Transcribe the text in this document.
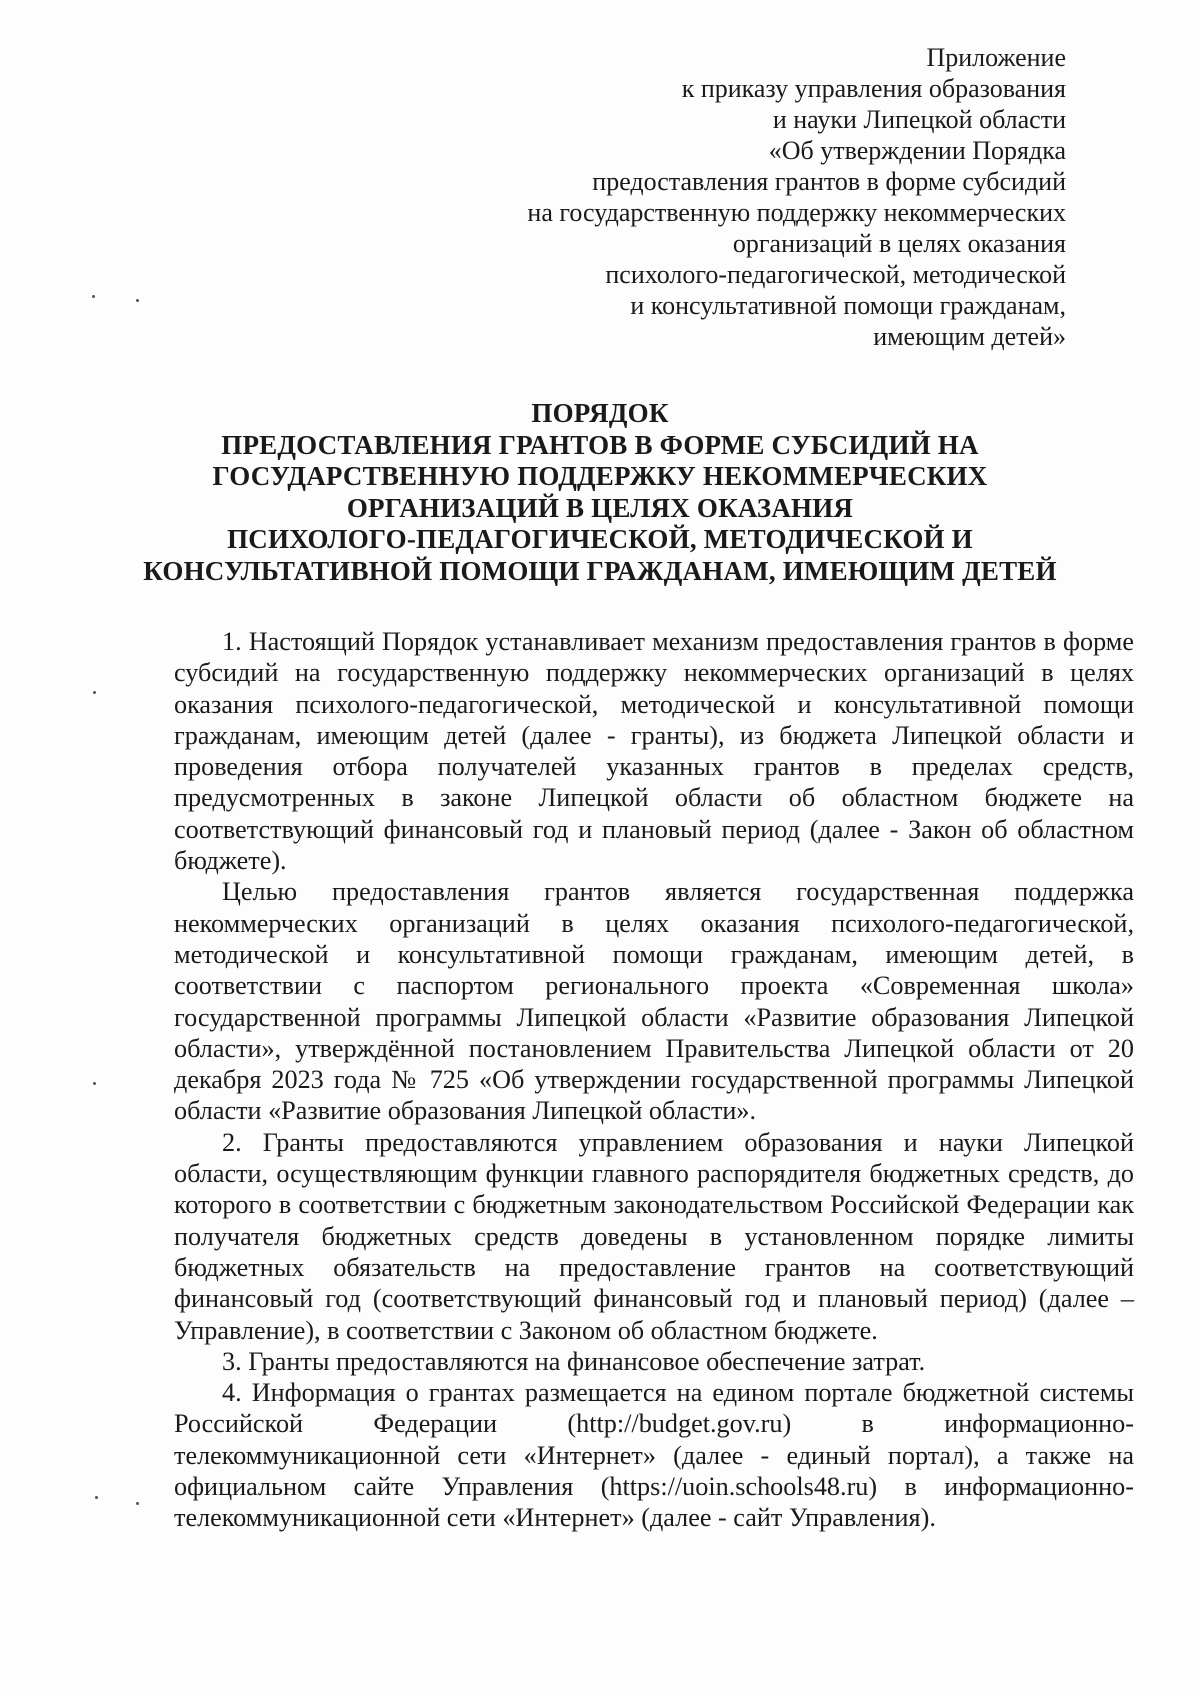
Приложение
к приказу управления образования
и науки Липецкой области
«Об утверждении Порядка
предоставления грантов в форме субсидий
на государственную поддержку некоммерческих
организаций в целях оказания
психолого-педагогической, методической
и консультативной помощи гражданам,
имеющим детей»
ПОРЯДОК
ПРЕДОСТАВЛЕНИЯ ГРАНТОВ В ФОРМЕ СУБСИДИЙ НА
ГОСУДАРСТВЕННУЮ ПОДДЕРЖКУ НЕКОММЕРЧЕСКИХ
ОРГАНИЗАЦИЙ В ЦЕЛЯХ ОКАЗАНИЯ
ПСИХОЛОГО-ПЕДАГОГИЧЕСКОЙ, МЕТОДИЧЕСКОЙ И
КОНСУЛЬТАТИВНОЙ ПОМОЩИ ГРАЖДАНАМ, ИМЕЮЩИМ ДЕТЕЙ
1. Настоящий Порядок устанавливает механизм предоставления грантов в форме
субсидий на государственную поддержку некоммерческих организаций в целях
оказания психолого-педагогической, методической и консультативной помощи
гражданам, имеющим детей (далее - гранты), из бюджета Липецкой области и
проведения отбора получателей указанных грантов в пределах средств,
предусмотренных в законе Липецкой области об областном бюджете на
соответствующий финансовый год и плановый период (далее - Закон об областном
бюджете).
Целью предоставления грантов является государственная поддержка
некоммерческих организаций в целях оказания психолого-педагогической,
методической и консультативной помощи гражданам, имеющим детей, в
соответствии с паспортом регионального проекта «Современная школа»
государственной программы Липецкой области «Развитие образования Липецкой
области», утверждённой постановлением Правительства Липецкой области от 20
декабря 2023 года № 725 «Об утверждении государственной программы Липецкой
области «Развитие образования Липецкой области».
2. Гранты предоставляются управлением образования и науки Липецкой
области, осуществляющим функции главного распорядителя бюджетных средств, до
которого в соответствии с бюджетным законодательством Российской Федерации как
получателя бюджетных средств доведены в установленном порядке лимиты
бюджетных обязательств на предоставление грантов на соответствующий
финансовый год (соответствующий финансовый год и плановый период) (далее –
Управление), в соответствии с Законом об областном бюджете.
3. Гранты предоставляются на финансовое обеспечение затрат.
4. Информация о грантах размещается на едином портале бюджетной системы
Российской Федерации (http://budget.gov.ru) в информационно-
телекоммуникационной сети «Интернет» (далее - единый портал), а также на
официальном сайте Управления (https://uoin.schools48.ru) в информационно-
телекоммуникационной сети «Интернет» (далее - сайт Управления).
